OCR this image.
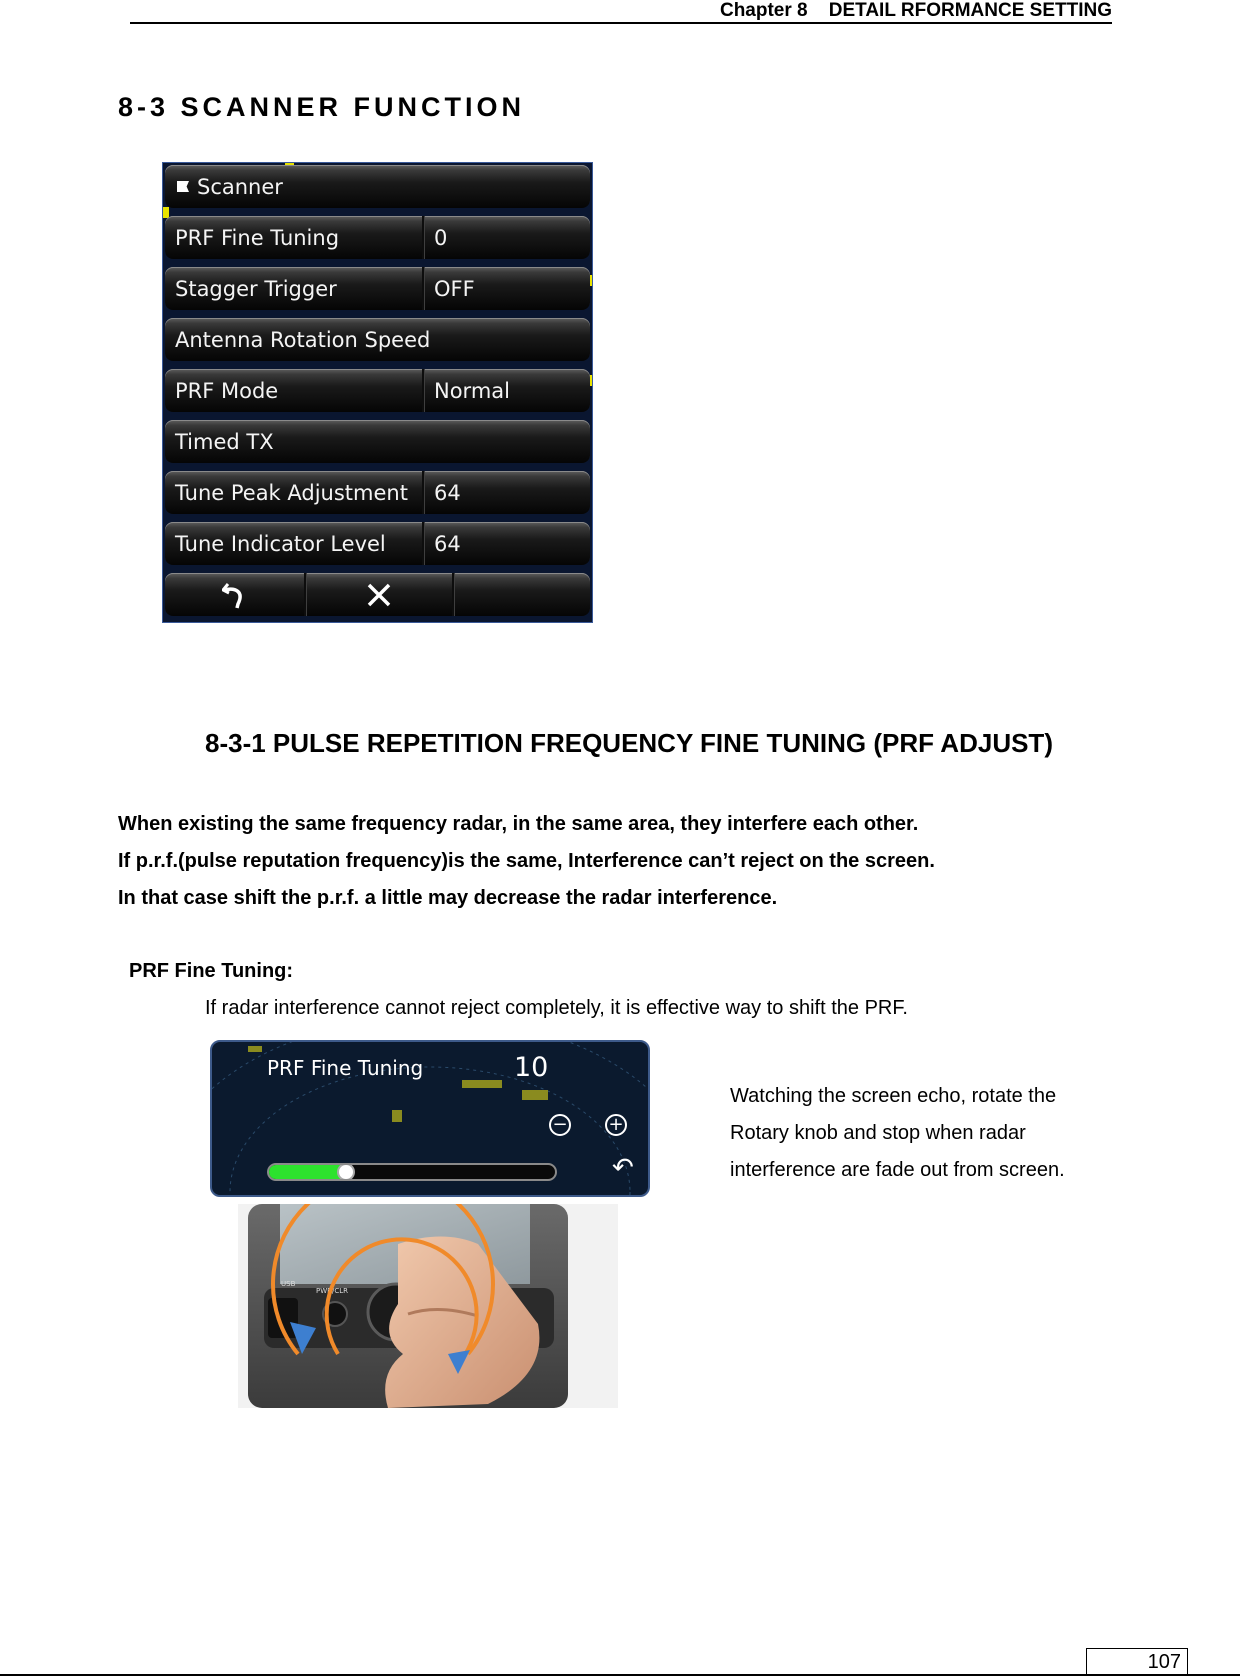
Chapter 8 DETAIL RFORMANCE SETTING
8-3 SCANNER FUNCTION
Scanner
PRF Fine Tuning	0
Stagger Trigger	OFF
Antenna Rotation Speed
PRF Mode	Normal
Timed TX
Tune Peak Adjustment	64
Tune Indicator Level	64
8-3-1 PULSE REPETITION FREQUENCY FINE TUNING (PRF ADJUST)
When existing the same frequency radar, in the same area, they interfere each other.
If p.r.f.(pulse reputation frequency)is the same, Interference can’t reject on the screen.
In that case shift the p.r.f. a little may decrease the radar interference.
PRF Fine Tuning:
If radar interference cannot reject completely, it is effective way to shift the PRF.
PRF Fine Tuning	10
− +
↶
Watching the screen echo, rotate the
Rotary knob and stop when radar
interference are fade out from screen.
USB
PWR/CLR
107
